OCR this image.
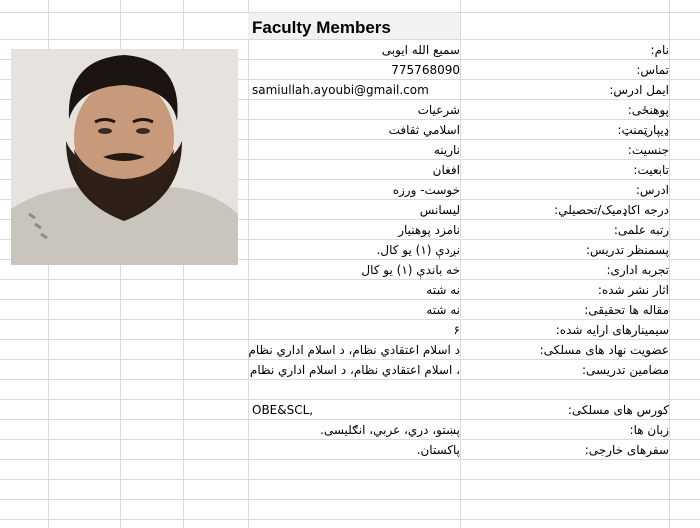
Faculty Members
نام:
سمیع الله ایوبی
تماس:
775768090
ایمل ادرس:
samiullah.ayoubi@gmail.com
پوهنځی:
شرعیات
ډیپارټمنټ:
اسلامي ثقافت
جنسیت:
نارینه
تابعیت:
افغان
ادرس:
خوست- ورزه
درجه اکاډمیک/تحصیلي:
لیسانس
رتبه علمی:
نامزد پوهنیار
پسمنظر تدریس:
نږدې (۱) یو کال.
تجربه اداری:
خه باندې (۱) یو کال
اثار نشر شده:
نه شته
مقاله ها تحقیقی:
نه شته
سیمینارهای ارایه شده:
۶
عضویت نهاد های مسلکی:
د اسلام اعتقادي نظام، د اسلام اداري نظام
مضامین تدریسی:
، اسلام اعتقادي نظام، د اسلام اداري نظام
کورس های مسلکی:
OBE&SCL,
زبان ها:
پښتو، دري، عربي، انګلیسی.
سفرهای خارجی:
پاکستان.
